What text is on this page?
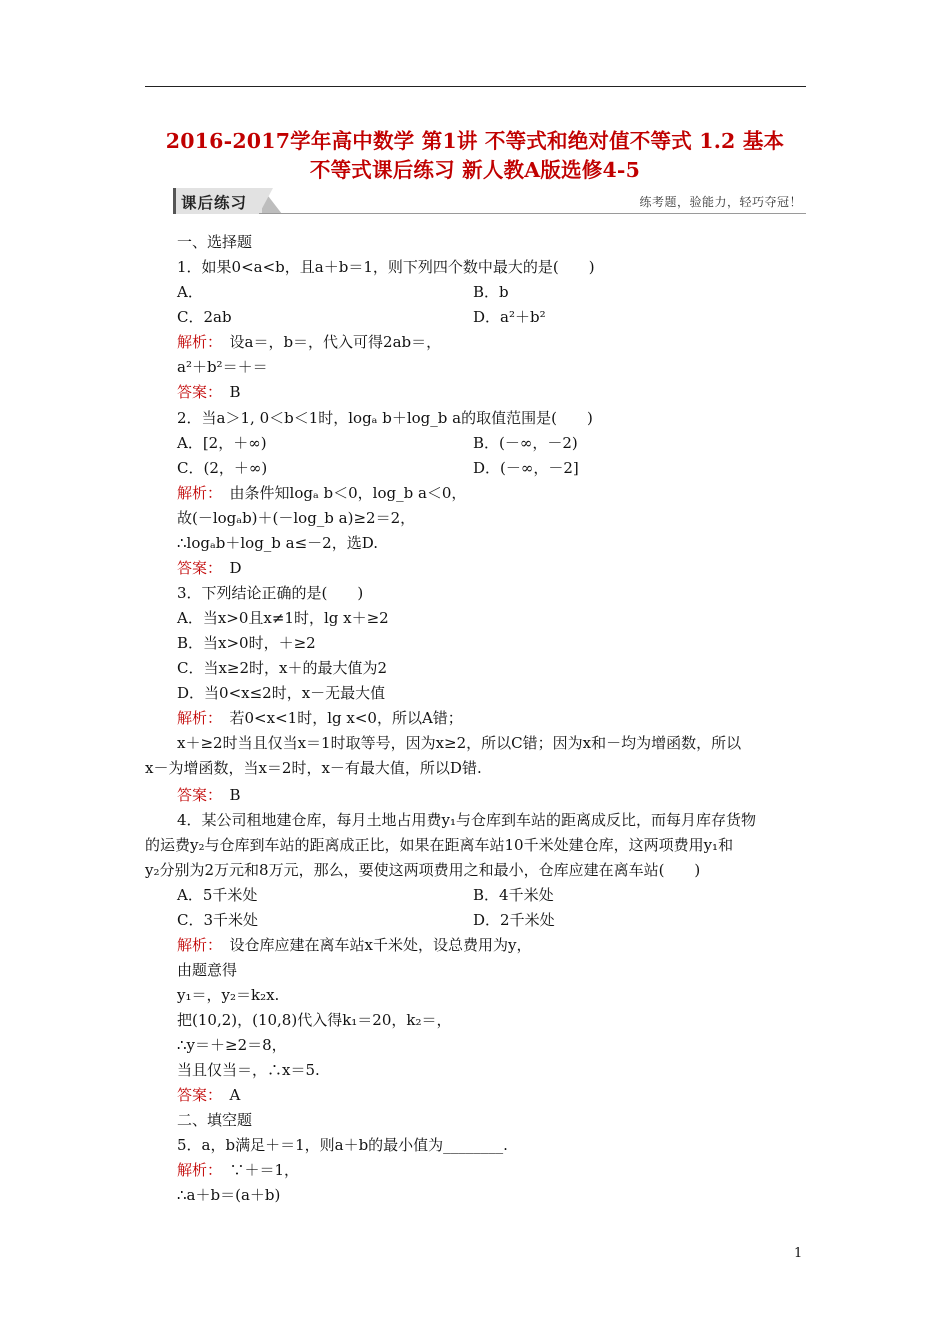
2016-2017学年高中数学 第1讲 不等式和绝对值不等式 1.2 基本
不等式课后练习 新人教A版选修4-5
课后练习	练考题，验能力，轻巧夺冠！
一、选择题
1．如果0<a<b，且a＋b＝1，则下列四个数中最大的是(　　)
A．	B．b
C．2ab	D．a²＋b²
解析：　设a＝，b＝，代入可得2ab＝，
a²＋b²＝＋＝
答案：　B
2．当a＞1, 0＜b＜1时，logₐ b＋log_b a的取值范围是(　　)
A．[2，＋∞)	B．(－∞，－2)
C．(2，＋∞)	D．(－∞，－2]
解析：　由条件知logₐ b＜0，log_b a＜0，
故(－logₐb)＋(－log_b a)≥2＝2，
∴logₐb＋log_b a≤－2，选D.
答案：　D
3．下列结论正确的是(　　)
A．当x>0且x≠1时，lg x＋≥2
B．当x>0时，＋≥2
C．当x≥2时，x＋的最大值为2
D．当0<x≤2时，x－无最大值
解析：　若0<x<1时，lg x<0，所以A错；
x＋≥2时当且仅当x＝1时取等号，因为x≥2，所以C错；因为x和－均为增函数，所以
x－为增函数，当x＝2时，x－有最大值，所以D错.
答案：　B
4．某公司租地建仓库，每月土地占用费y₁与仓库到车站的距离成反比，而每月库存货物
的运费y₂与仓库到车站的距离成正比，如果在距离车站10千米处建仓库，这两项费用y₁和
y₂分别为2万元和8万元，那么，要使这两项费用之和最小，仓库应建在离车站(　　)
A．5千米处	B．4千米处
C．3千米处	D．2千米处
解析：　设仓库应建在离车站x千米处，设总费用为y，
由题意得
y₁＝，y₂＝k₂x.
把(10,2)，(10,8)代入得k₁＝20，k₂＝，
∴y＝＋≥2＝8，
当且仅当＝，∴x＝5.
答案：　A
二、填空题
5．a，b满足＋＝1，则a＋b的最小值为________.
解析：　∵＋＝1，
∴a＋b＝(a＋b)
1
